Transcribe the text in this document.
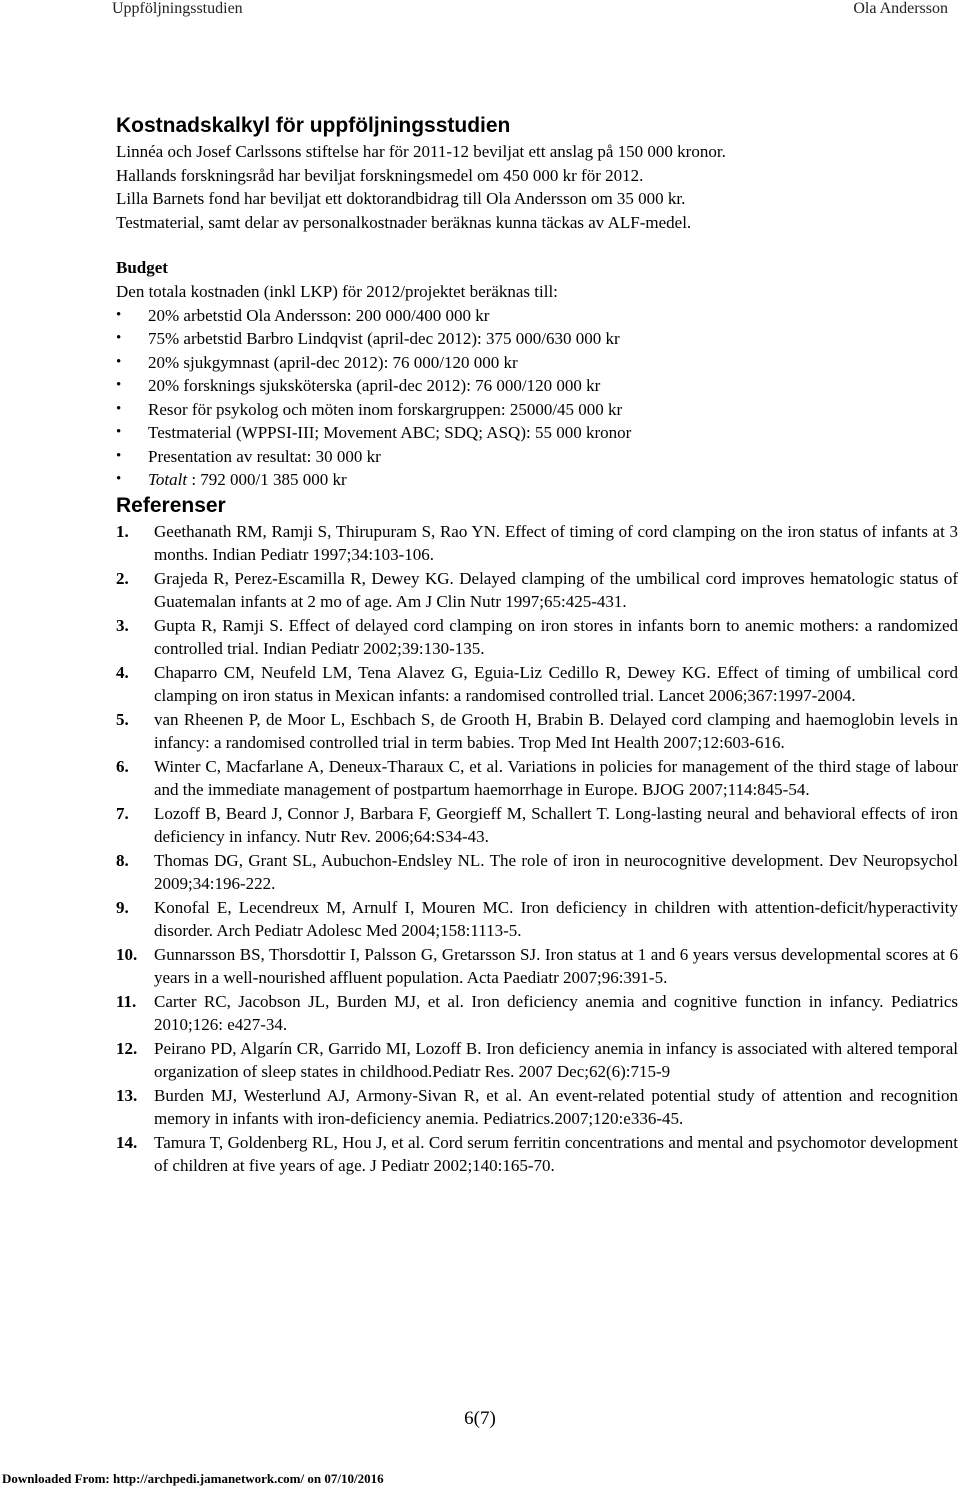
Uppföljningsstudien	Ola Andersson
Kostnadskalkyl för uppföljningsstudien

Linnéa och Josef Carlssons stiftelse har för 2011-12 beviljat ett anslag på 150 000 kronor.

Hallands forskningsråd har beviljat forskningsmedel om 450 000 kr för 2012.

Lilla Barnets fond har beviljat ett doktorandbidrag till Ola Andersson om 35 000 kr.

Testmaterial, samt delar av personalkostnader beräknas kunna täckas av ALF-medel.

Budget

Den totala kostnaden (inkl LKP) för 2012/projektet beräknas till:

• 20% arbetstid Ola Andersson: 200 000/400 000 kr
• 75% arbetstid Barbro Lindqvist (april-dec 2012): 375 000/630 000 kr
• 20% sjukgymnast (april-dec 2012): 76 000/120 000 kr
• 20% forsknings sjuksköterska (april-dec 2012): 76 000/120 000 kr
• Resor för psykolog och möten inom forskargruppen: 25000/45 000 kr
• Testmaterial (WPPSI-III; Movement ABC; SDQ; ASQ): 55 000 kronor
• Presentation av resultat: 30 000 kr
• Totalt : 792 000/1 385 000 kr
Referenser
1. Geethanath RM, Ramji S, Thirupuram S, Rao YN. Effect of timing of cord clamping on the iron status of infants at 3 months. Indian Pediatr 1997;34:103-106.
2. Grajeda R, Perez-Escamilla R, Dewey KG. Delayed clamping of the umbilical cord improves hematologic status of Guatemalan infants at 2 mo of age. Am J Clin Nutr 1997;65:425-431.
3. Gupta R, Ramji S. Effect of delayed cord clamping on iron stores in infants born to anemic mothers: a randomized controlled trial. Indian Pediatr 2002;39:130-135.
4. Chaparro CM, Neufeld LM, Tena Alavez G, Eguia-Liz Cedillo R, Dewey KG. Effect of timing of umbilical cord clamping on iron status in Mexican infants: a randomised controlled trial. Lancet 2006;367:1997-2004.
5. van Rheenen P, de Moor L, Eschbach S, de Grooth H, Brabin B. Delayed cord clamping and haemoglobin levels in infancy: a randomised controlled trial in term babies. Trop Med Int Health 2007;12:603-616.
6. Winter C, Macfarlane A, Deneux-Tharaux C, et al. Variations in policies for management of the third stage of labour and the immediate management of postpartum haemorrhage in Europe. BJOG 2007;114:845-54.
7. Lozoff B, Beard J, Connor J, Barbara F, Georgieff M, Schallert T. Long-lasting neural and behavioral effects of iron deficiency in infancy. Nutr Rev. 2006;64:S34-43.
8. Thomas DG, Grant SL, Aubuchon-Endsley NL. The role of iron in neurocognitive development. Dev Neuropsychol 2009;34:196-222.
9. Konofal E, Lecendreux M, Arnulf I, Mouren MC. Iron deficiency in children with attention-deficit/hyperactivity disorder. Arch Pediatr Adolesc Med 2004;158:1113-5.
10. Gunnarsson BS, Thorsdottir I, Palsson G, Gretarsson SJ. Iron status at 1 and 6 years versus developmental scores at 6 years in a well-nourished affluent population. Acta Paediatr 2007;96:391-5.
11. Carter RC, Jacobson JL, Burden MJ, et al. Iron deficiency anemia and cognitive function in infancy. Pediatrics 2010;126: e427-34.
12. Peirano PD, Algarín CR, Garrido MI, Lozoff B. Iron deficiency anemia in infancy is associated with altered temporal organization of sleep states in childhood.Pediatr Res. 2007 Dec;62(6):715-9
13. Burden MJ, Westerlund AJ, Armony-Sivan R, et al. An event-related potential study of attention and recognition memory in infants with iron-deficiency anemia. Pediatrics.2007;120:e336-45.
14. Tamura T, Goldenberg RL, Hou J, et al. Cord serum ferritin concentrations and mental and psychomotor development of children at five years of age. J Pediatr 2002;140:165-70.
6(7)
Downloaded From: http://archpedi.jamanetwork.com/ on 07/10/2016
